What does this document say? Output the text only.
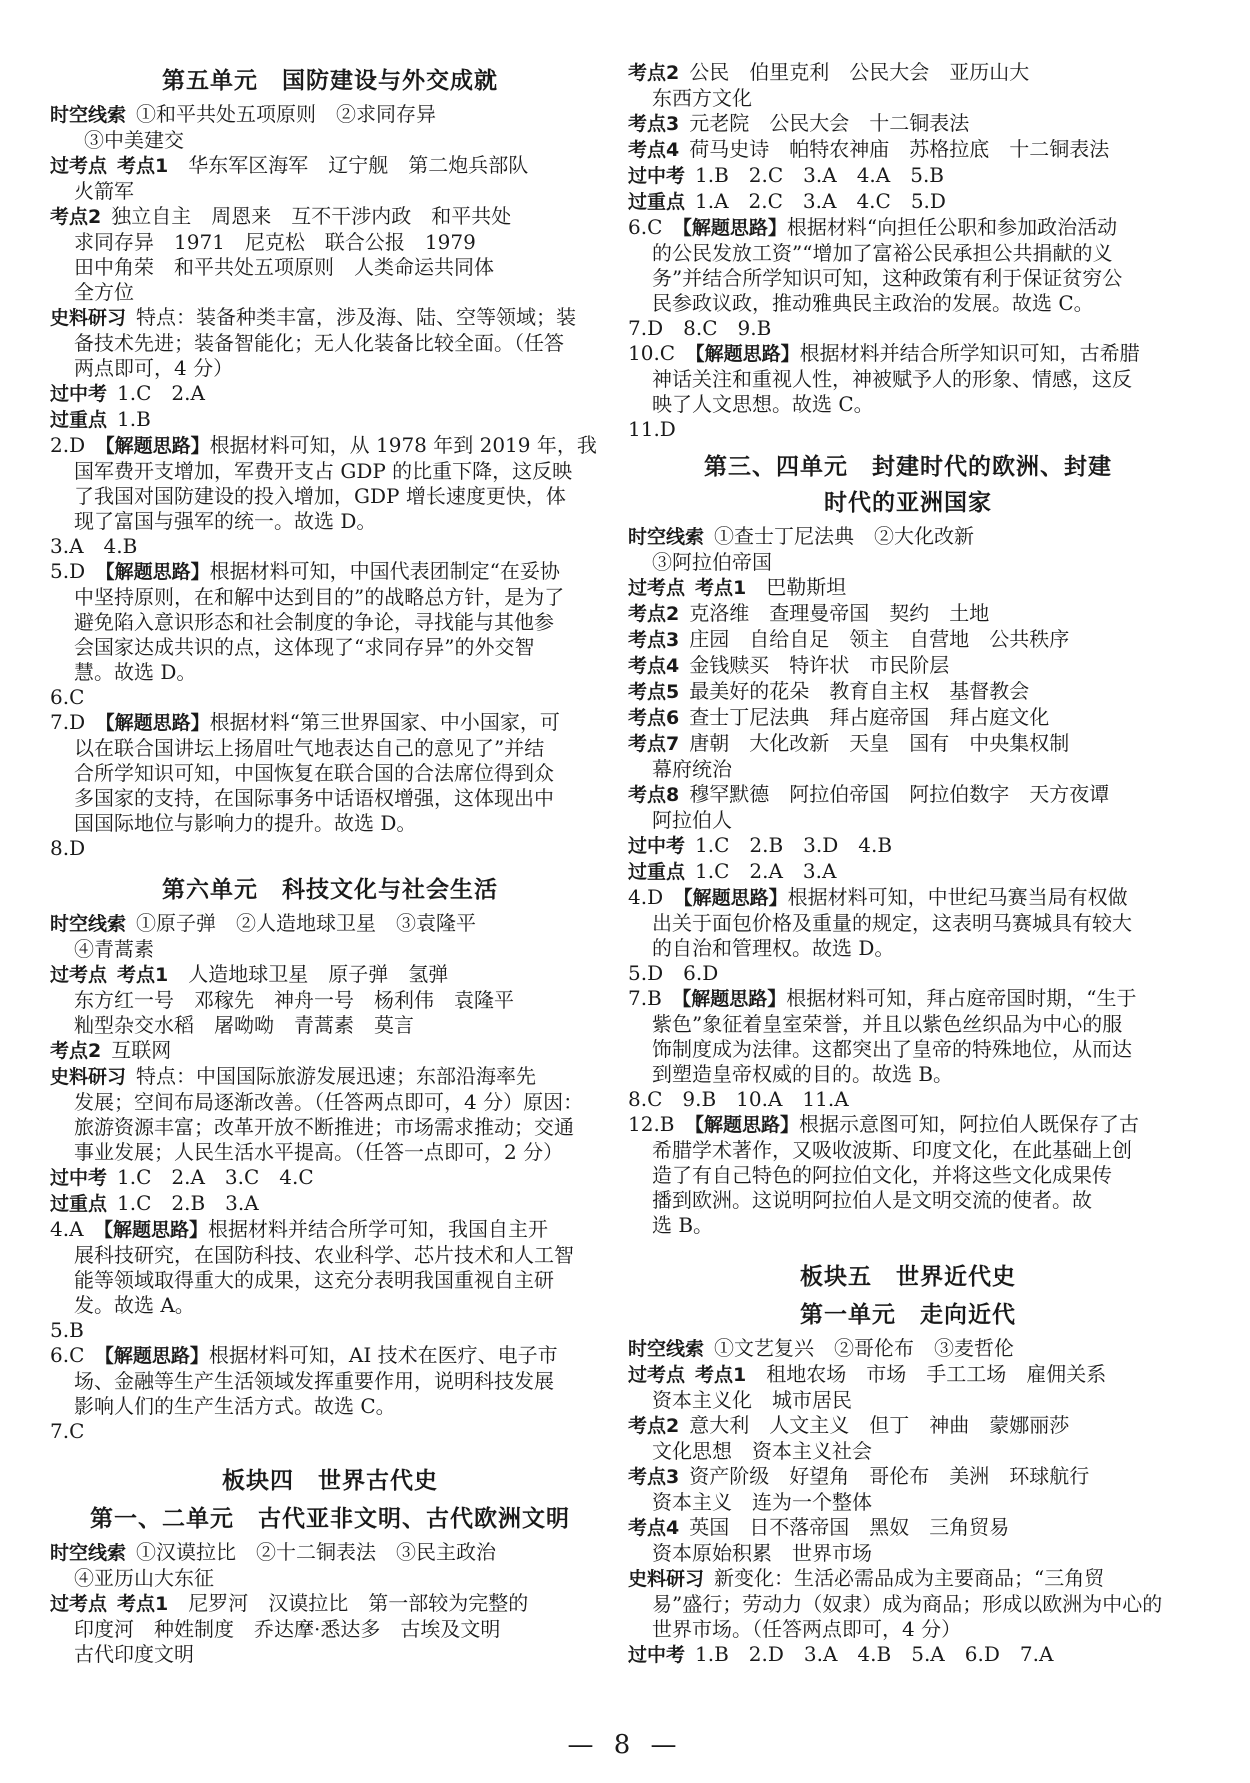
第五单元　国防建设与外交成就
时空线索 ①和平共处五项原则　②求同存异
③中美建交
过考点 考点1　华东军区海军　辽宁舰　第二炮兵部队
火箭军
考点2 独立自主　周恩来　互不干涉内政　和平共处
求同存异　1971　尼克松　联合公报　1979
田中角荣　和平共处五项原则　人类命运共同体
全方位
史料研习 特点：装备种类丰富，涉及海、陆、空等领域；装
备技术先进；装备智能化；无人化装备比较全面。（任答
两点即可，4 分）
过中考 1.C　2.A
过重点 1.B
2.D　【解题思路】根据材料可知，从 1978 年到 2019 年，我
国军费开支增加，军费开支占 GDP 的比重下降，这反映
了我国对国防建设的投入增加，GDP 增长速度更快，体
现了富国与强军的统一。故选 D。
3.A　4.B
5.D　【解题思路】根据材料可知，中国代表团制定“在妥协
中坚持原则，在和解中达到目的”的战略总方针，是为了
避免陷入意识形态和社会制度的争论，寻找能与其他参
会国家达成共识的点，这体现了“求同存异”的外交智
慧。故选 D。
6.C
7.D　【解题思路】根据材料“第三世界国家、中小国家，可
以在联合国讲坛上扬眉吐气地表达自己的意见了”并结
合所学知识可知，中国恢复在联合国的合法席位得到众
多国家的支持，在国际事务中话语权增强，这体现出中
国国际地位与影响力的提升。故选 D。
8.D
第六单元　科技文化与社会生活
时空线索 ①原子弹　②人造地球卫星　③袁隆平
④青蒿素
过考点 考点1　人造地球卫星　原子弹　氢弹
东方红一号　邓稼先　神舟一号　杨利伟　袁隆平
籼型杂交水稻　屠呦呦　青蒿素　莫言
考点2 互联网
史料研习 特点：中国国际旅游发展迅速；东部沿海率先
发展；空间布局逐渐改善。（任答两点即可，4 分）原因：
旅游资源丰富；改革开放不断推进；市场需求推动；交通
事业发展；人民生活水平提高。（任答一点即可，2 分）
过中考 1.C　2.A　3.C　4.C
过重点 1.C　2.B　3.A
4.A　【解题思路】根据材料并结合所学可知，我国自主开
展科技研究，在国防科技、农业科学、芯片技术和人工智
能等领域取得重大的成果，这充分表明我国重视自主研
发。故选 A。
5.B
6.C　【解题思路】根据材料可知，AI 技术在医疗、电子市
场、金融等生产生活领域发挥重要作用，说明科技发展
影响人们的生产生活方式。故选 C。
7.C
板块四　世界古代史
第一、二单元　古代亚非文明、古代欧洲文明
时空线索 ①汉谟拉比　②十二铜表法　③民主政治
④亚历山大东征
过考点 考点1　尼罗河　汉谟拉比　第一部较为完整的
印度河　种姓制度　乔达摩·悉达多　古埃及文明
古代印度文明
考点2 公民　伯里克利　公民大会　亚历山大
东西方文化
考点3 元老院　公民大会　十二铜表法
考点4 荷马史诗　帕特农神庙　苏格拉底　十二铜表法
过中考 1.B　2.C　3.A　4.A　5.B
过重点 1.A　2.C　3.A　4.C　5.D
6.C　【解题思路】根据材料“向担任公职和参加政治活动
的公民发放工资”“增加了富裕公民承担公共捐献的义
务”并结合所学知识可知，这种政策有利于保证贫穷公
民参政议政，推动雅典民主政治的发展。故选 C。
7.D　8.C　9.B
10.C　【解题思路】根据材料并结合所学知识可知，古希腊
神话关注和重视人性，神被赋予人的形象、情感，这反
映了人文思想。故选 C。
11.D
第三、四单元　封建时代的欧洲、封建
时代的亚洲国家
时空线索 ①查士丁尼法典　②大化改新
③阿拉伯帝国
过考点 考点1　巴勒斯坦
考点2 克洛维　查理曼帝国　契约　土地
考点3 庄园　自给自足　领主　自营地　公共秩序
考点4 金钱赎买　特许状　市民阶层
考点5 最美好的花朵　教育自主权　基督教会
考点6 查士丁尼法典　拜占庭帝国　拜占庭文化
考点7 唐朝　大化改新　天皇　国有　中央集权制
幕府统治
考点8 穆罕默德　阿拉伯帝国　阿拉伯数字　天方夜谭
阿拉伯人
过中考 1.C　2.B　3.D　4.B
过重点 1.C　2.A　3.A
4.D　【解题思路】根据材料可知，中世纪马赛当局有权做
出关于面包价格及重量的规定，这表明马赛城具有较大
的自治和管理权。故选 D。
5.D　6.D
7.B　【解题思路】根据材料可知，拜占庭帝国时期，“生于
紫色”象征着皇室荣誉，并且以紫色丝织品为中心的服
饰制度成为法律。这都突出了皇帝的特殊地位，从而达
到塑造皇帝权威的目的。故选 B。
8.C　9.B　10.A　11.A
12.B　【解题思路】根据示意图可知，阿拉伯人既保存了古
希腊学术著作，又吸收波斯、印度文化，在此基础上创
造了有自己特色的阿拉伯文化，并将这些文化成果传
播到欧洲。这说明阿拉伯人是文明交流的使者。故
选 B。
板块五　世界近代史
第一单元　走向近代
时空线索 ①文艺复兴　②哥伦布　③麦哲伦
过考点 考点1　租地农场　市场　手工工场　雇佣关系
资本主义化　城市居民
考点2 意大利　人文主义　但丁　神曲　蒙娜丽莎
文化思想　资本主义社会
考点3 资产阶级　好望角　哥伦布　美洲　环球航行
资本主义　连为一个整体
考点4 英国　日不落帝国　黑奴　三角贸易
资本原始积累　世界市场
史料研习 新变化：生活必需品成为主要商品；“三角贸
易”盛行；劳动力（奴隶）成为商品；形成以欧洲为中心的
世界市场。（任答两点即可，4 分）
过中考 1.B　2.D　3.A　4.B　5.A　6.D　7.A
— 8 —
